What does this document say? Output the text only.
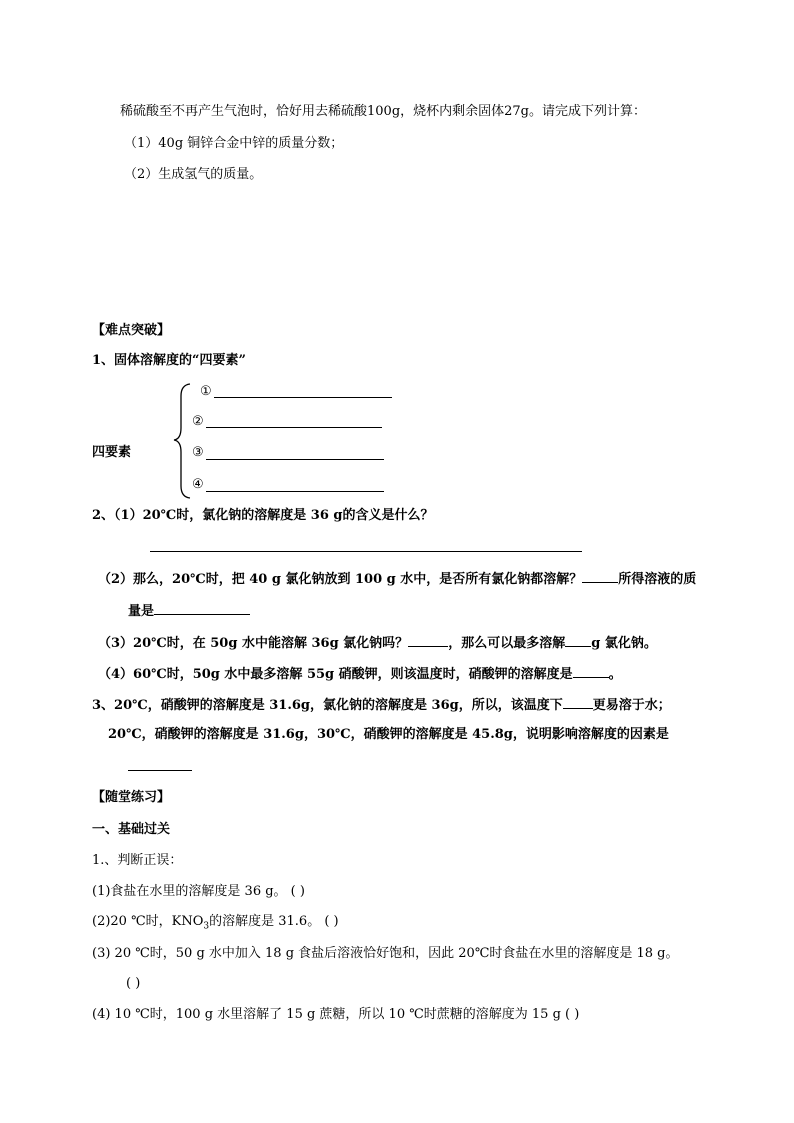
稀硫酸至不再产生气泡时，恰好用去稀硫酸100g，烧杯内剩余固体27g。请完成下列计算：
（1）40g 铜锌合金中锌的质量分数；
（2）生成氢气的质量。
【难点突破】
1、固体溶解度的“四要素”
四要素
①
②
③
④
2、（1）20℃时，氯化钠的溶解度是 36 g的含义是什么？
（2）那么，20℃时，把 40 g 氯化钠放到 100 g 水中，是否所有氯化钠都溶解？	所得溶液的质
量是
（3）20℃时，在 50g 水中能溶解 36g 氯化钠吗？	，那么可以最多溶解 g 氯化钠。
（4）60℃时，50g 水中最多溶解 55g 硝酸钾，则该温度时，硝酸钾的溶解度是	。
3、20℃，硝酸钾的溶解度是 31.6g，氯化钠的溶解度是 36g，所以，该温度下 更易溶于水；
20℃，硝酸钾的溶解度是 31.6g，30℃，硝酸钾的溶解度是 45.8g，说明影响溶解度的因素是
【随堂练习】
一、基础过关
1.、判断正误：
(1)食盐在水里的溶解度是 36 g。 ( )
(2)20 ℃时，$KNO_3$的溶解度是 31.6。 ( )
(3) 20 ℃时，50 g 水中加入 18 g 食盐后溶液恰好饱和，因此 20℃时食盐在水里的溶解度是 18 g。
( )
(4) 10 ℃时，100 g 水里溶解了 15 g 蔗糖，所以 10 ℃时蔗糖的溶解度为 15 g ( )
